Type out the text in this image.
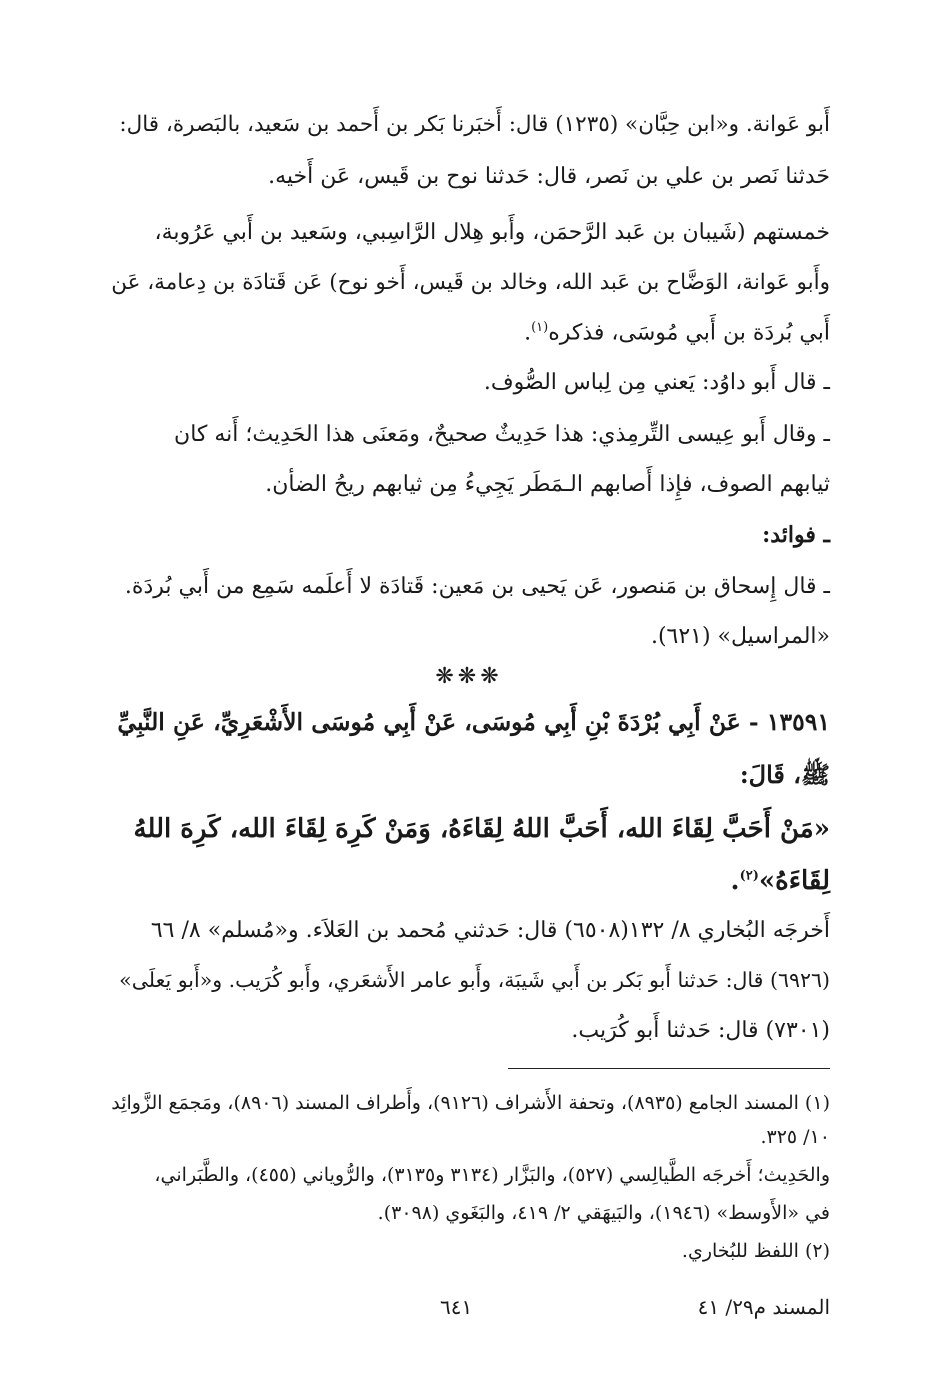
أَبو عَوانة. و«ابن حِبَّان» (١٢٣٥) قال: أَخبَرنا بَكر بن أَحمد بن سَعيد، بالبَصرة، قال:
حَدثنا نَصر بن علي بن نَصر، قال: حَدثنا نوح بن قَيس، عَن أَخيه.
خمستهم (شَيبان بن عَبد الرَّحمَن، وأَبو هِلال الرَّاسِبي، وسَعيد بن أَبي عَرُوبة،
وأَبو عَوانة، الوَضَّاح بن عَبد الله، وخالد بن قَيس، أَخو نوح) عَن قَتادَة بن دِعامة، عَن
أَبي بُردَة بن أَبي مُوسَى، فذكره$^{(١)}$.
ـ قال أَبو داوُد: يَعني مِن لِباس الصُّوف.
ـ وقال أَبو عِيسى التِّرمِذي: هذا حَدِيثٌ صحيحٌ، ومَعنَى هذا الحَدِيث؛ أَنه كان
ثيابهم الصوف، فإِذا أَصابهم الـمَطَر يَجِيءُ مِن ثيابهم ريحُ الضأن.
ـ فوائد:
ـ قال إِسحاق بن مَنصور، عَن يَحيى بن مَعين: قَتادَة لا أَعلَمه سَمِع من أَبي بُردَة.
«المراسيل» (٦٢١).
❋❋❋
١٣٥٩١ - عَنْ أَبِي بُرْدَةَ بْنِ أَبِي مُوسَى، عَنْ أَبِي مُوسَى الأَشْعَرِيِّ، عَنِ النَّبِيِّ
ﷺ، قَالَ:
«مَنْ أَحَبَّ لِقَاءَ الله، أَحَبَّ اللهُ لِقَاءَهُ، وَمَنْ كَرِهَ لِقَاءَ الله، كَرِهَ اللهُ
لِقَاءَهُ»$^{(٢)}$.
أَخرجَه البُخاري ٨/ ١٣٢(٦٥٠٨) قال: حَدثني مُحمد بن العَلاَء. و«مُسلم» ٨/ ٦٦
(٦٩٢٦) قال: حَدثنا أَبو بَكر بن أَبي شَيبَة، وأَبو عامر الأَشعَري، وأَبو كُرَيب. و«أَبو يَعلَى»
(٧٣٠١) قال: حَدثنا أَبو كُرَيب.
(١) المسند الجامع (٨٩٣٥)، وتحفة الأَشراف (٩١٢٦)، وأَطراف المسند (٨٩٠٦)، ومَجمَع الزَّوائِد
١٠/ ٣٢٥.
والحَدِيث؛ أَخرجَه الطَّيالِسي (٥٢٧)، والبَزَّار (٣١٣٤ و٣١٣٥)، والرُّوياني (٤٥٥)، والطَّبَراني،
في «الأَوسط» (١٩٤٦)، والبَيهَقي ٢/ ٤١٩، والبَغَوي (٣٠٩٨).
(٢) اللفظ للبُخاري.
المسند م٢٩/ ٤١
٦٤١
